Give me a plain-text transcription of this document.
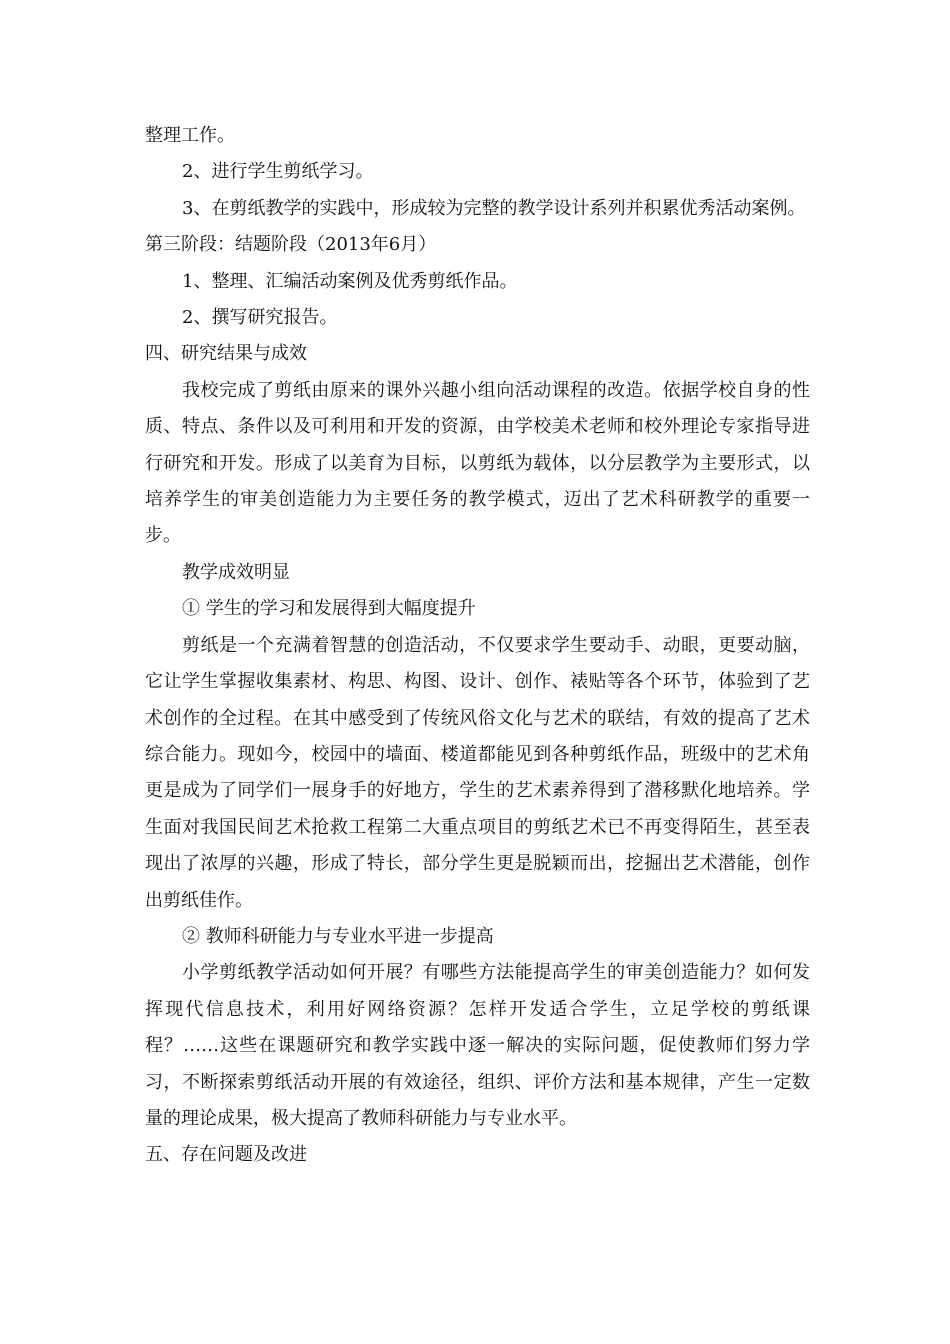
整理工作。

2、进行学生剪纸学习。

3、在剪纸教学的实践中，形成较为完整的教学设计系列并积累优秀活动案例。

第三阶段：结题阶段（2013年6月）

1、整理、汇编活动案例及优秀剪纸作品。

2、撰写研究报告。

四、研究结果与成效

我校完成了剪纸由原来的课外兴趣小组向活动课程的改造。依据学校自身的性质、特点、条件以及可利用和开发的资源，由学校美术老师和校外理论专家指导进行研究和开发。形成了以美育为目标，以剪纸为载体，以分层教学为主要形式，以培养学生的审美创造能力为主要任务的教学模式，迈出了艺术科研教学的重要一步。

教学成效明显

① 学生的学习和发展得到大幅度提升

剪纸是一个充满着智慧的创造活动，不仅要求学生要动手、动眼，更要动脑，它让学生掌握收集素材、构思、构图、设计、创作、裱贴等各个环节，体验到了艺术创作的全过程。在其中感受到了传统风俗文化与艺术的联结，有效的提高了艺术综合能力。现如今，校园中的墙面、楼道都能见到各种剪纸作品，班级中的艺术角更是成为了同学们一展身手的好地方，学生的艺术素养得到了潜移默化地培养。学生面对我国民间艺术抢救工程第二大重点项目的剪纸艺术已不再变得陌生，甚至表现出了浓厚的兴趣，形成了特长，部分学生更是脱颖而出，挖掘出艺术潜能，创作出剪纸佳作。

② 教师科研能力与专业水平进一步提高

小学剪纸教学活动如何开展？有哪些方法能提高学生的审美创造能力？如何发挥现代信息技术，利用好网络资源？怎样开发适合学生，立足学校的剪纸课程？……这些在课题研究和教学实践中逐一解决的实际问题，促使教师们努力学习，不断探索剪纸活动开展的有效途径，组织、评价方法和基本规律，产生一定数量的理论成果，极大提高了教师科研能力与专业水平。

五、存在问题及改进
